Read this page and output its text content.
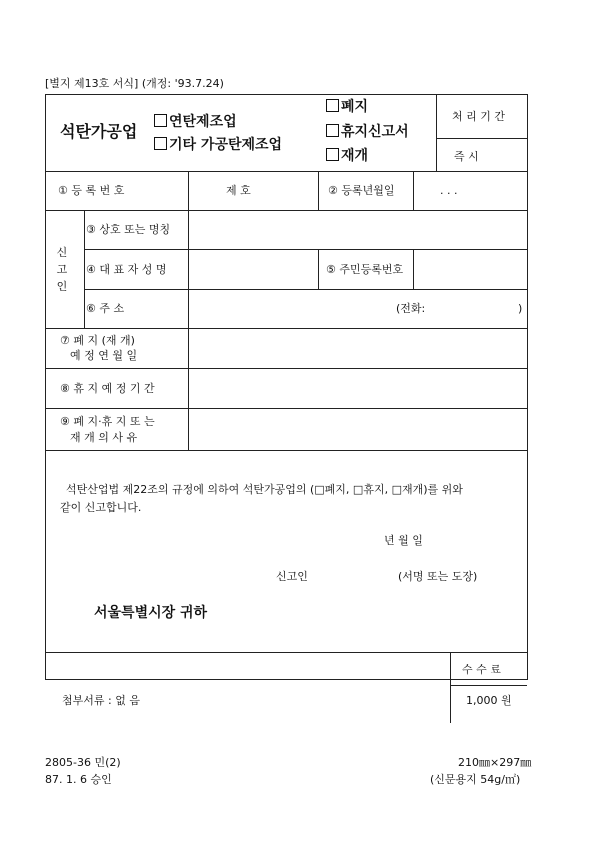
[별지 제13호 서식] (개정: '93.7.24)
석탄가공업	연탄제조업
기타 가공탄제조업
폐지
휴지신고서
재개
처 리 기 간
즉 시
① 등 록 번 호	제 호	② 등록년월일	. . .
신 고 인
③ 상호 또는 명칭
④ 대 표 자 성 명	⑤ 주민등록번호
⑥ 주 소	(전화:	)
⑦ 폐 지 (재 개)
예 정 연 월 일
⑧ 휴 지 예 정 기 간
⑨ 폐 지·휴 지 또 는
재 개 의 사 유
석탄산업법 제22조의 규정에 의하여 석탄가공업의 (□폐지, □휴지, □재개)를 위와
같이 신고합니다.
년 월 일
신고인	(서명 또는 도장)
서울특별시장 귀하
첨부서류 : 없 음
수 수 료
1,000 원
2805-36 민(2)	210㎜×297㎜
87. 1. 6 승인	(신문용지 54g/㎡)
